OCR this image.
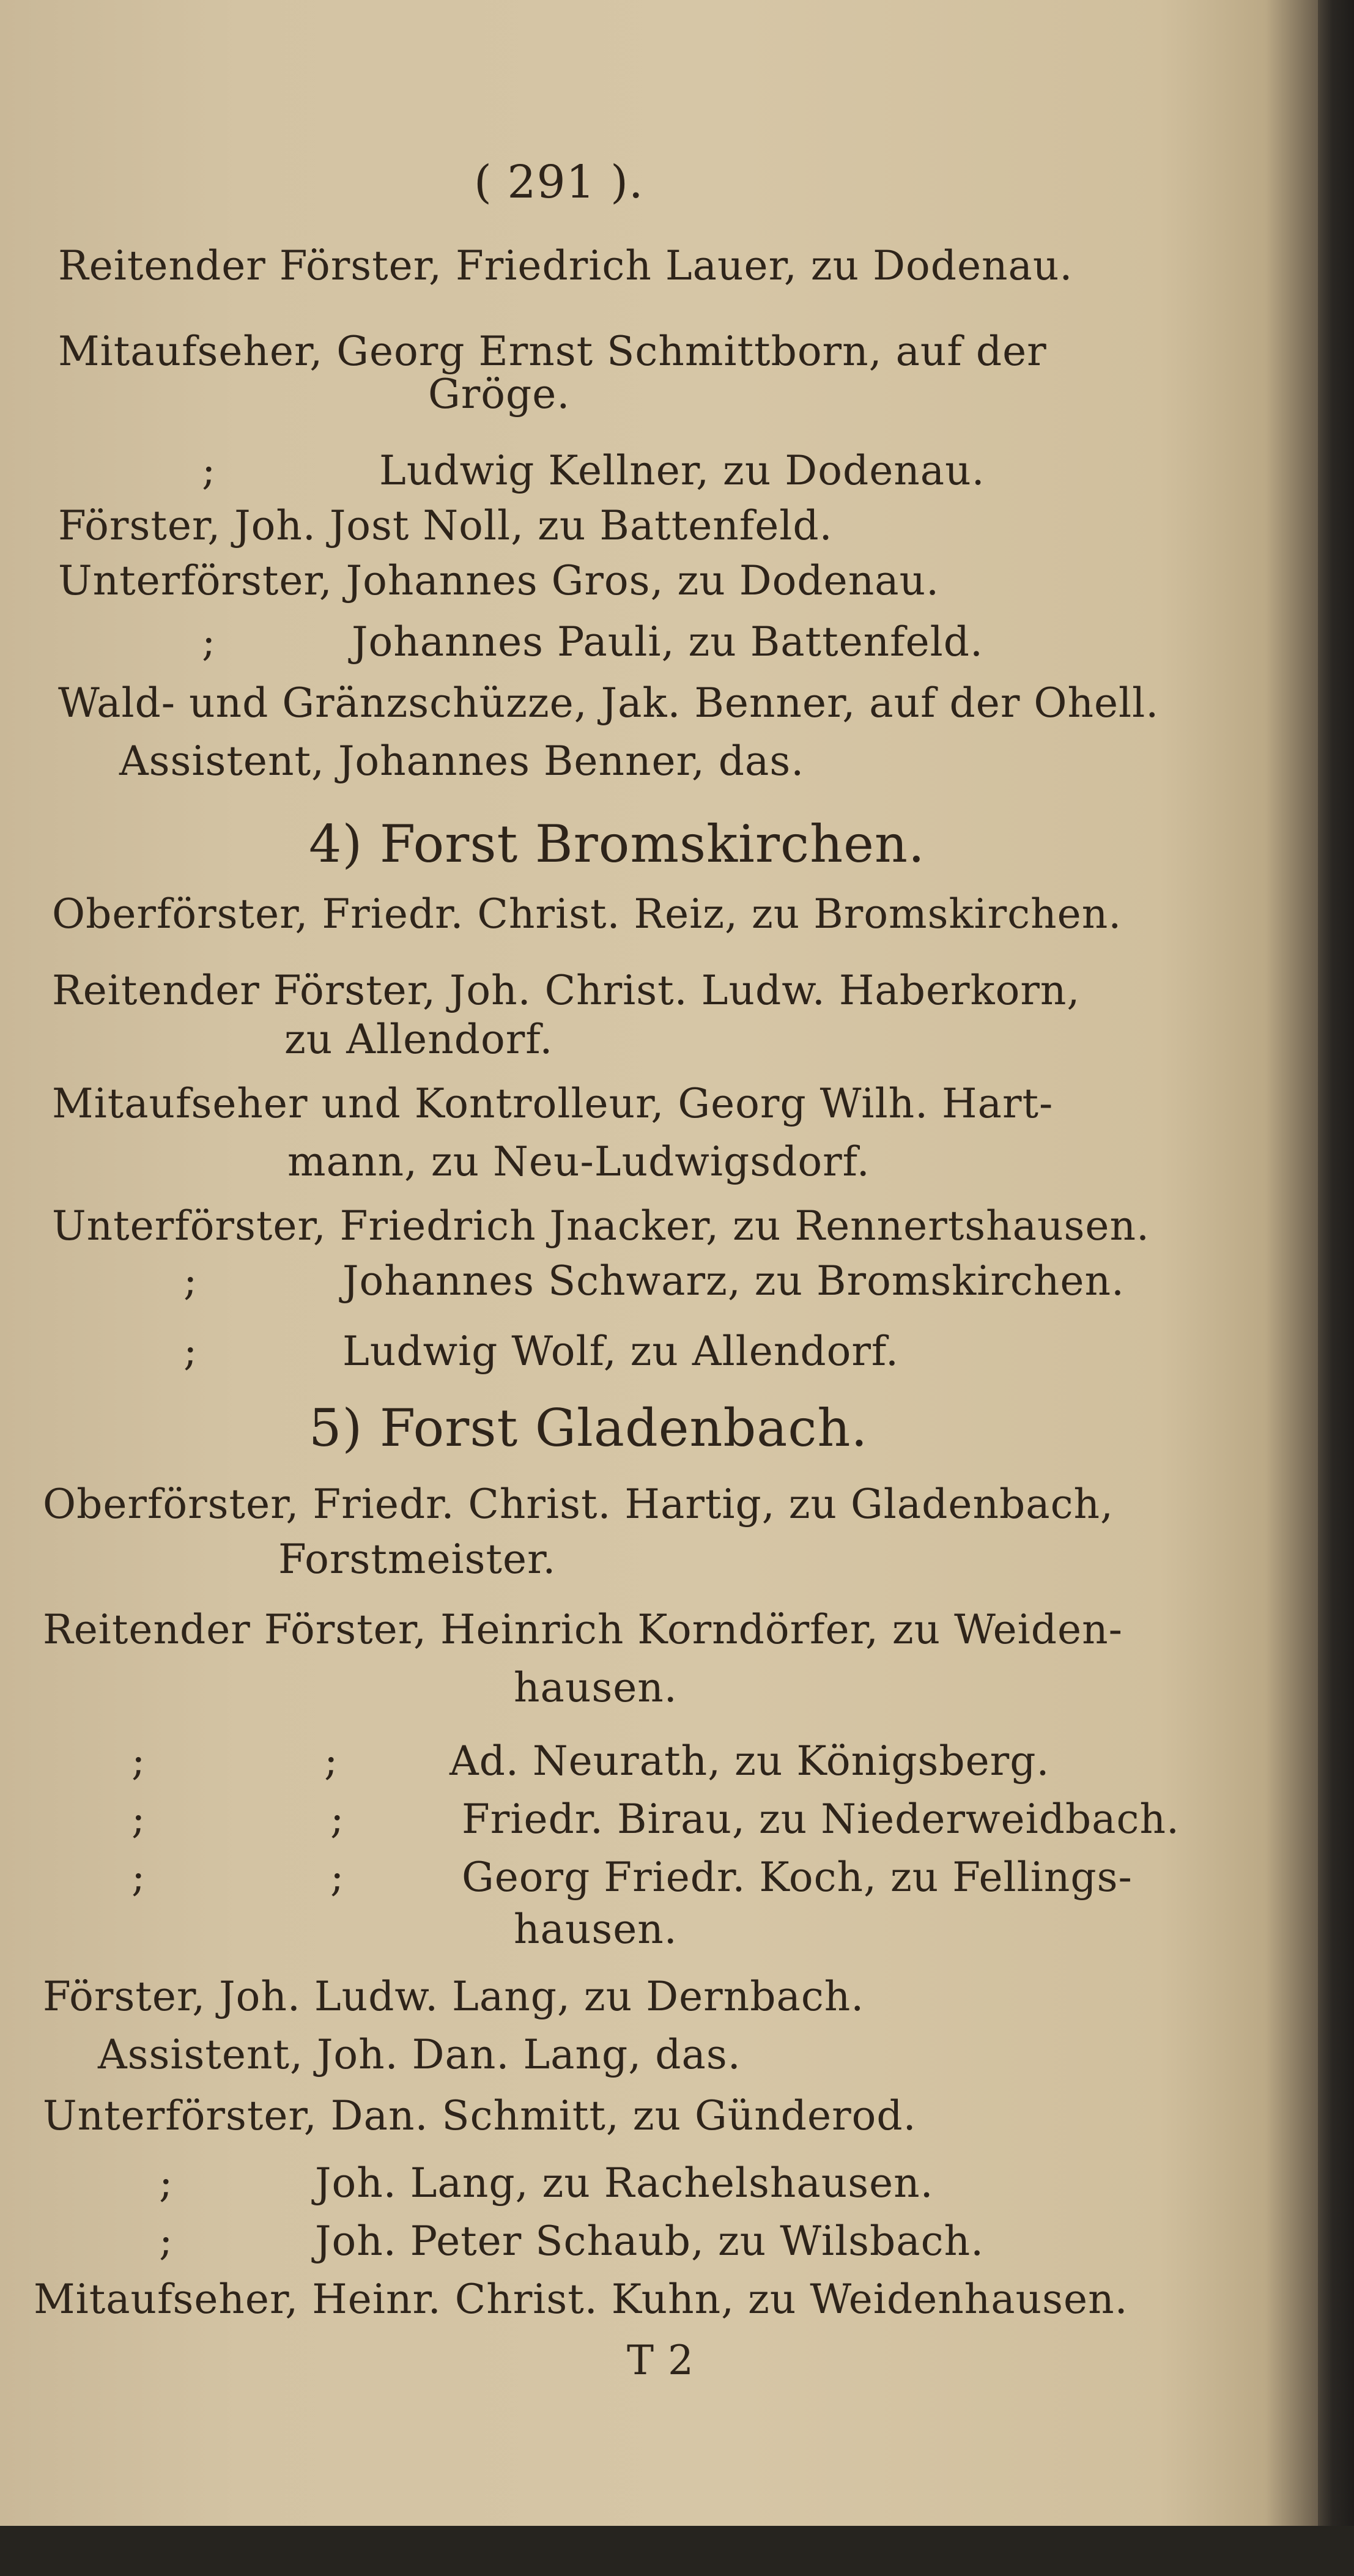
( 291 ).
Reitender Förster, Friedrich Lauer, zu Dodenau.
Mitaufseher, Georg Ernst Schmittborn, auf der
Gröge.
;	Ludwig Kellner, zu Dodenau.
Förster, Joh. Jost Noll, zu Battenfeld.
Unterförster, Johannes Gros, zu Dodenau.
;	Johannes Pauli, zu Battenfeld.
Wald- und Gränzschüzze, Jak. Benner, auf der Ohell.
Assistent, Johannes Benner, das.
4) Forst Bromskirchen.
Oberförster, Friedr. Christ. Reiz, zu Bromskirchen.
Reitender Förster, Joh. Christ. Ludw. Haberkorn,
zu Allendorf.
Mitaufseher und Kontrolleur, Georg Wilh. Hart-
mann, zu Neu-Ludwigsdorf.
Unterförster, Friedrich Jnacker, zu Rennertshausen.
;	Johannes Schwarz, zu Bromskirchen.
;	Ludwig Wolf, zu Allendorf.
5) Forst Gladenbach.
Oberförster, Friedr. Christ. Hartig, zu Gladenbach,
Forstmeister.
Reitender Förster, Heinrich Korndörfer, zu Weiden-
hausen.
;	;	Ad. Neurath, zu Königsberg.
;	;	Friedr. Birau, zu Niederweidbach.
;	;	Georg Friedr. Koch, zu Fellings-
hausen.
Förster, Joh. Ludw. Lang, zu Dernbach.
Assistent, Joh. Dan. Lang, das.
Unterförster, Dan. Schmitt, zu Günderod.
;	Joh. Lang, zu Rachelshausen.
;	Joh. Peter Schaub, zu Wilsbach.
Mitaufseher, Heinr. Christ. Kuhn, zu Weidenhausen.
T 2
